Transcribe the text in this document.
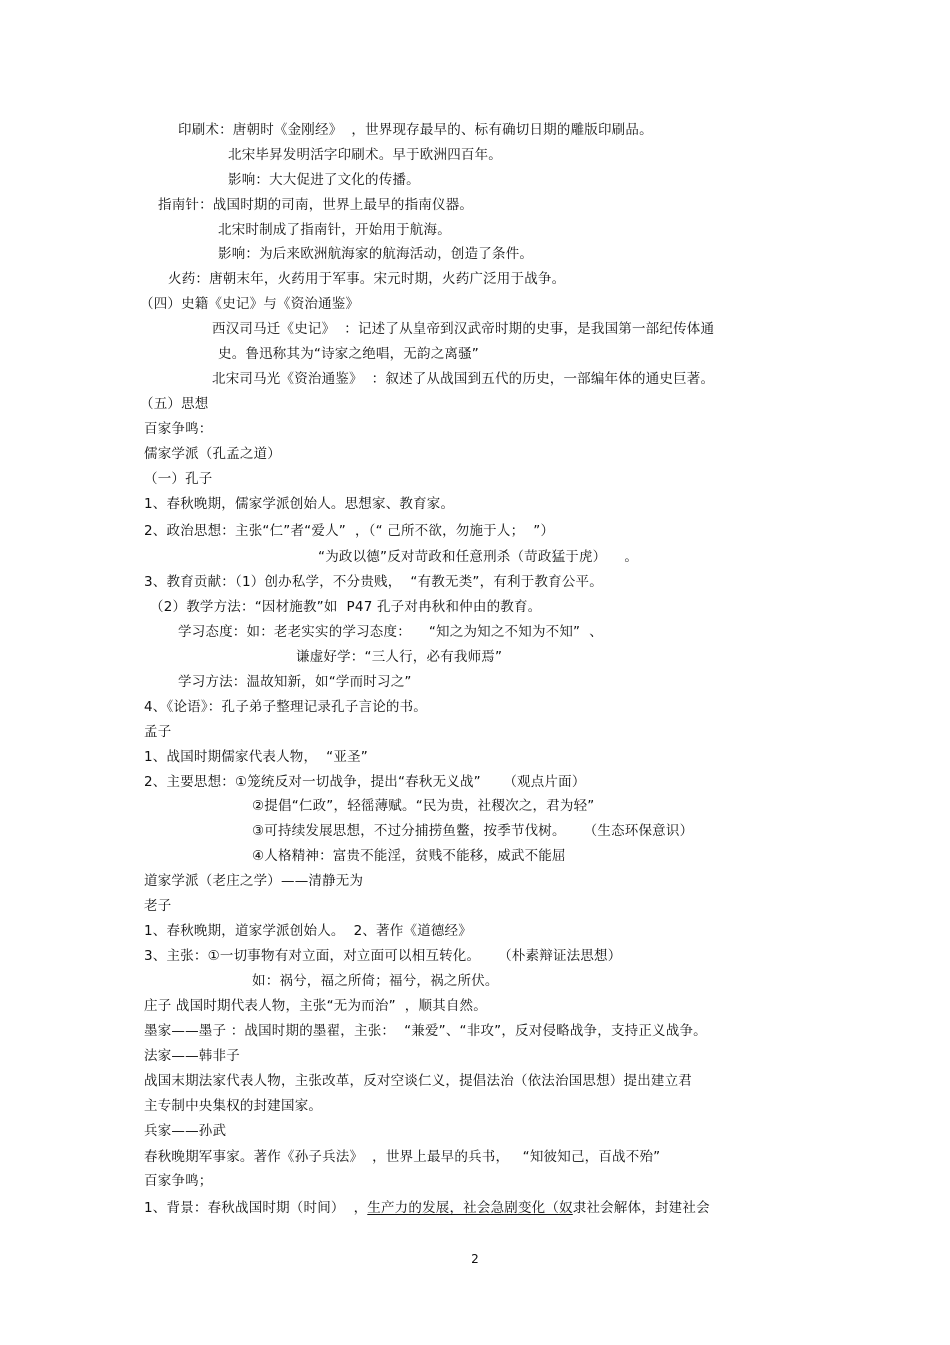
印刷术：唐朝时《金刚经》  ，世界现存最早的、标有确切日期的雕版印刷品。
北宋毕昇发明活字印刷术。早于欧洲四百年。
影响：大大促进了文化的传播。
指南针：战国时期的司南，世界上最早的指南仪器。
北宋时制成了指南针，开始用于航海。
影响：为后来欧洲航海家的航海活动，创造了条件。
火药：唐朝末年，火药用于军事。宋元时期，火药广泛用于战争。
（四）史籍《史记》与《资治通鉴》
西汉司马迁《史记》  ：记述了从皇帝到汉武帝时期的史事，是我国第一部纪传体通
史。鲁迅称其为“诗家之绝唱，无韵之离骚”
北宋司马光《资治通鉴》  ：叙述了从战国到五代的历史，一部编年体的通史巨著。
（五）思想
百家争鸣：
儒家学派（孔孟之道）
（一）孔子
1、春秋晚期，儒家学派创始人。思想家、教育家。
2、政治思想：主张“仁”者“爱人”  ，（“ 己所不欲，勿施于人；  ”）
“为政以德”反对苛政和任意刑杀（苛政猛于虎）    。
3、教育贡献：（1）创办私学，不分贵贱，  “有教无类”，有利于教育公平。
（2）教学方法：“因材施教”如  P47 孔子对冉秋和仲由的教育。
学习态度：如：老老实实的学习态度：    “知之为知之不知为不知”  、
谦虚好学：“三人行，必有我师焉”
学习方法：温故知新，如“学而时习之”
4、《论语》：孔子弟子整理记录孔子言论的书。
孟子
1、战国时期儒家代表人物，  “亚圣”
2、主要思想：①笼统反对一切战争，提出“春秋无义战”     （观点片面）
②提倡“仁政”，轻徭薄赋。“民为贵，社稷次之，君为轻”
③可持续发展思想，不过分捕捞鱼鳖，按季节伐树。    （生态环保意识）
④人格精神：富贵不能淫，贫贱不能移，威武不能屈
道家学派（老庄之学）——清静无为
老子
1、春秋晚期，道家学派创始人。  2、著作《道德经》
3、主张：①一切事物有对立面，对立面可以相互转化。    （朴素辩证法思想）
如：祸兮，福之所倚；福兮，祸之所伏。
庄子 战国时期代表人物，主张“无为而治”  ，顺其自然。
墨家——墨子 ：战国时期的墨翟，主张：  “兼爱”、“非攻”，反对侵略战争，支持正义战争。
法家——韩非子
战国末期法家代表人物，主张改革，反对空谈仁义，提倡法治（依法治国思想）提出建立君
主专制中央集权的封建国家。
兵家——孙武
春秋晚期军事家。著作《孙子兵法》  ，世界上最早的兵书，   “知彼知己，百战不殆”
百家争鸣；
1、背景：春秋战国时期（时间）  ，生产力的发展，社会急剧变化（奴隶社会解体，封建社会
2
